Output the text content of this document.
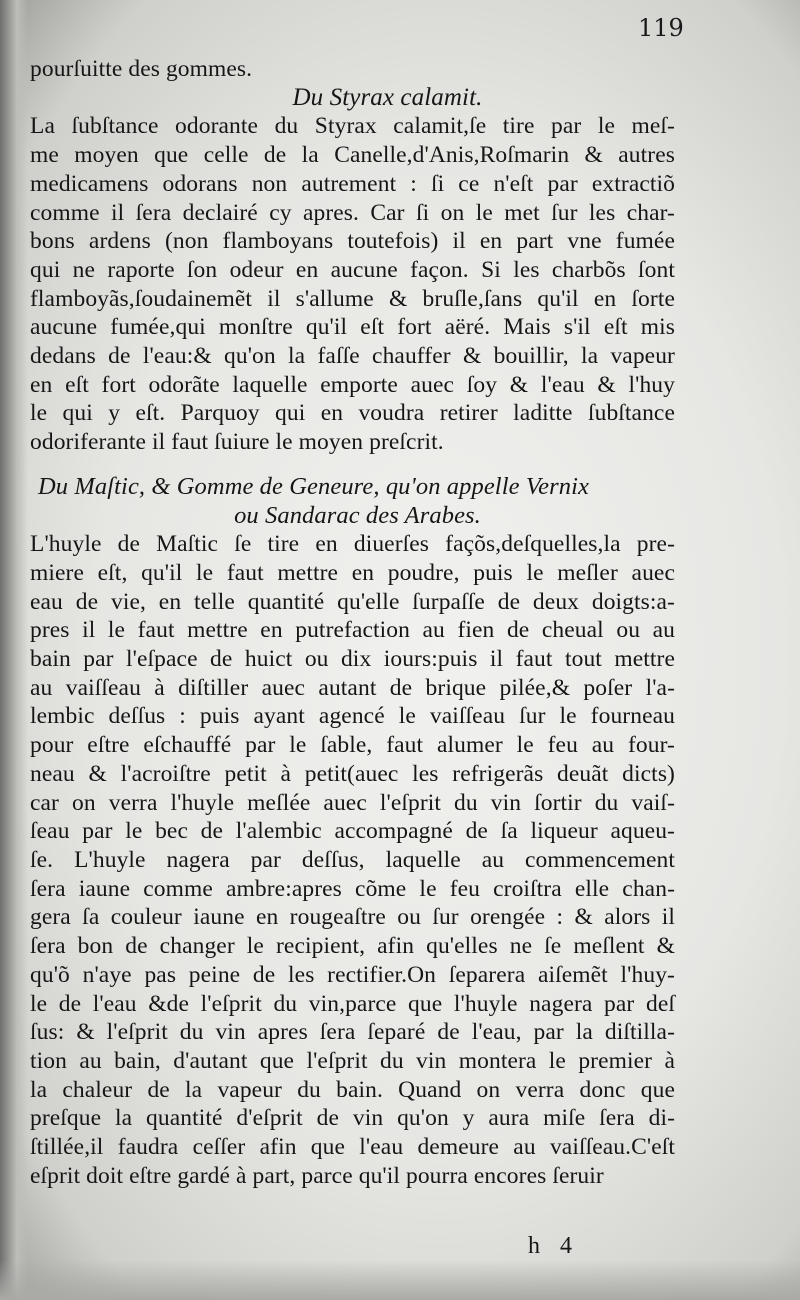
119
pourſuitte des gommes.
Du Styrax calamit.
La ſubſtance odorante du Styrax calamit,ſe tire par le meſ-
me moyen que celle de la Canelle,d'Anis,Roſmarin & autres
medicamens odorans non autrement : ſi ce n'eſt par extractiõ
comme il ſera declairé cy apres. Car ſi on le met ſur les char-
bons ardens (non flamboyans toutefois) il en part vne fumée
qui ne raporte ſon odeur en aucune façon. Si les charbõs ſont
flamboyãs,ſoudainemẽt il s'allume & bruſle,ſans qu'il en ſorte
aucune fumée,qui monſtre qu'il eſt fort aëré. Mais s'il eſt mis
dedans de l'eau:& qu'on la faſſe chauffer & bouillir, la vapeur
en eſt fort odorãte laquelle emporte auec ſoy & l'eau & l'huy
le qui y eſt. Parquoy qui en voudra retirer laditte ſubſtance
odoriferante il faut ſuiure le moyen preſcrit.
Du Maſtic, & Gomme de Geneure, qu'on appelle Vernix
ou Sandarac des Arabes.
L'huyle de Maſtic ſe tire en diuerſes façõs,deſquelles,la pre-
miere eſt, qu'il le faut mettre en poudre, puis le meſler auec
eau de vie, en telle quantité qu'elle ſurpaſſe de deux doigts:a-
pres il le faut mettre en putrefaction au fien de cheual ou au
bain par l'eſpace de huict ou dix iours:puis il faut tout mettre
au vaiſſeau à diſtiller auec autant de brique pilée,& poſer l'a-
lembic deſſus : puis ayant agencé le vaiſſeau ſur le fourneau
pour eſtre eſchauffé par le ſable, faut alumer le feu au four-
neau & l'acroiſtre petit à petit(auec les refrigerãs deuãt dicts)
car on verra l'huyle meſlée auec l'eſprit du vin ſortir du vaiſ-
ſeau par le bec de l'alembic accompagné de ſa liqueur aqueu-
ſe. L'huyle nagera par deſſus, laquelle au commencement
ſera iaune comme ambre:apres cõme le feu croiſtra elle chan-
gera ſa couleur iaune en rougeaſtre ou ſur orengée : & alors il
ſera bon de changer le recipient, afin qu'elles ne ſe meſlent &
qu'õ n'aye pas peine de les rectifier.On ſeparera aiſemẽt l'huy-
le de l'eau &de l'eſprit du vin,parce que l'huyle nagera par deſ
ſus: & l'eſprit du vin apres ſera ſeparé de l'eau, par la diſtilla-
tion au bain, d'autant que l'eſprit du vin montera le premier à
la chaleur de la vapeur du bain. Quand on verra donc que
preſque la quantité d'eſprit de vin qu'on y aura miſe ſera di-
ſtillée,il faudra ceſſer afin que l'eau demeure au vaiſſeau.C'eſt
eſprit doit eſtre gardé à part, parce qu'il pourra encores ſeruir
h 4
